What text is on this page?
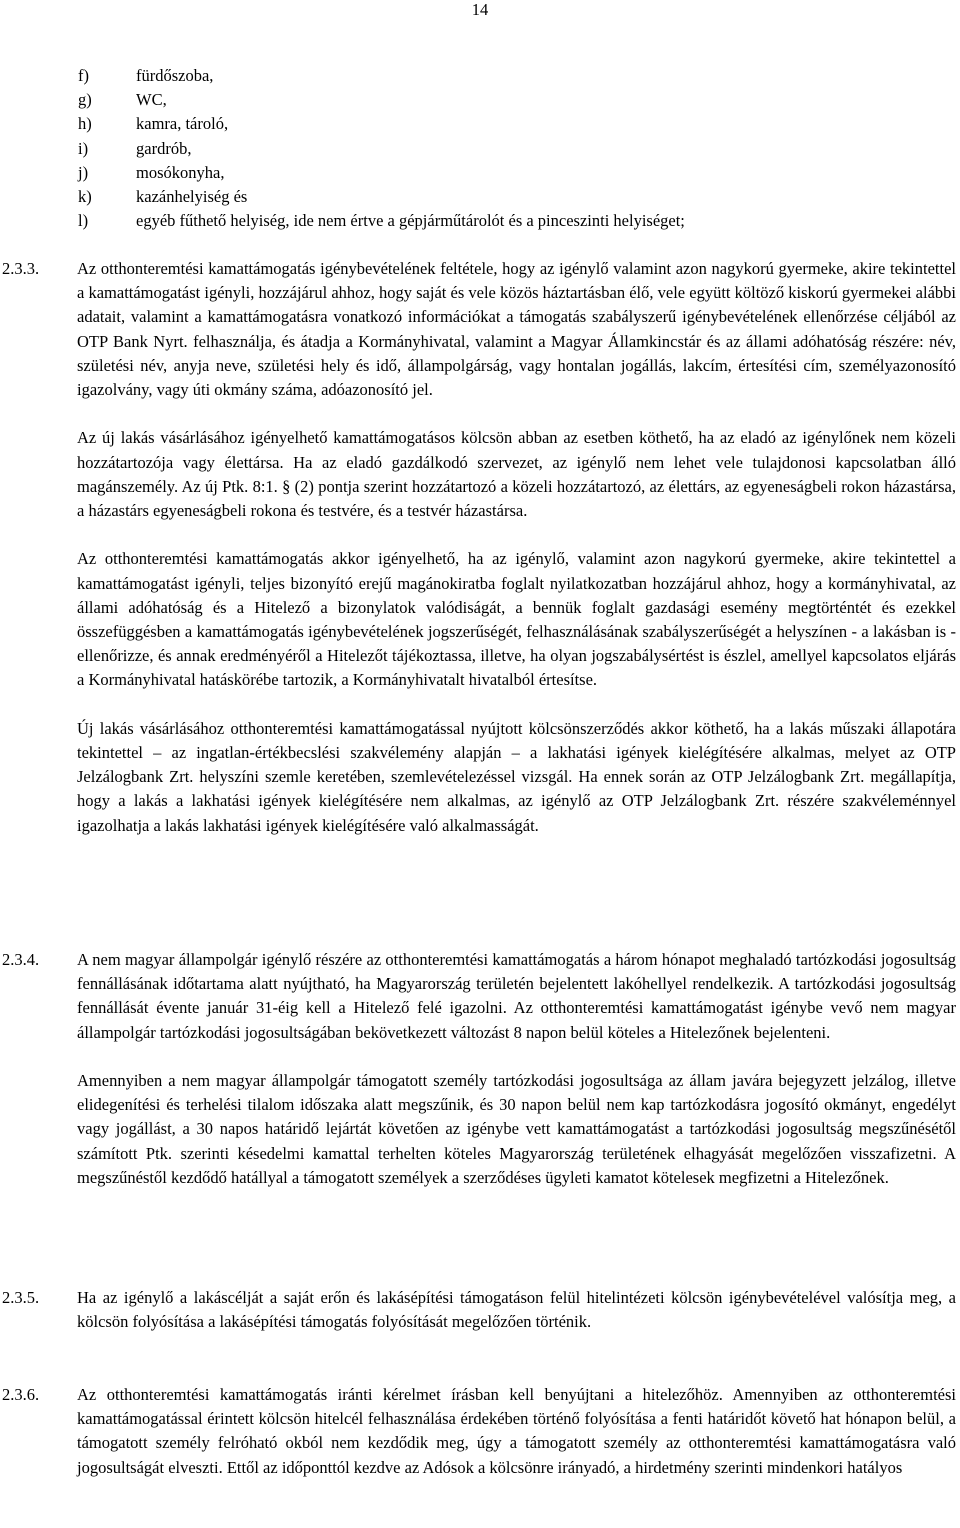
14
f)	fürdőszoba,
g)	WC,
h)	kamra, tároló,
i)	gardrób,
j)	mosókonyha,
k)	kazánhelyiség és
l)	egyéb fűthető helyiség, ide nem értve a gépjárműtárolót és a pinceszinti helyiséget;
2.3.3. Az otthonteremtési kamattámogatás igénybevételének feltétele, hogy az igénylő valamint azon nagykorú gyermeke, akire tekintettel a kamattámogatást igényli, hozzájárul ahhoz, hogy saját és vele közös háztartásban élő, vele együtt költöző kiskorú gyermekei alábbi adatait, valamint a kamattámogatásra vonatkozó információkat a támogatás szabályszerű igénybevételének ellenőrzése céljából az OTP Bank Nyrt. felhasználja, és átadja a Kormányhivatal, valamint a Magyar Államkincstár és az állami adóhatóság részére: név, születési név, anyja neve, születési hely és idő, állampolgárság, vagy hontalan jogállás, lakcím, értesítési cím, személyazonosító igazolvány, vagy úti okmány száma, adóazonosító jel.

Az új lakás vásárlásához igényelhető kamattámogatásos kölcsön abban az esetben köthető, ha az eladó az igénylőnek nem közeli hozzátartozója vagy élettársa. Ha az eladó gazdálkodó szervezet, az igénylő nem lehet vele tulajdonosi kapcsolatban álló magánszemély. Az új Ptk. 8:1. § (2) pontja szerint hozzátartozó a közeli hozzátartozó, az élettárs, az egyeneságbeli rokon házastársa, a házastárs egyeneságbeli rokona és testvére, és a testvér házastársa.

Az otthonteremtési kamattámogatás akkor igényelhető, ha az igénylő, valamint azon nagykorú gyermeke, akire tekintettel a kamattámogatást igényli, teljes bizonyító erejű magánokiratba foglalt nyilatkozatban hozzájárul ahhoz, hogy a kormányhivatal, az állami adóhatóság és a Hitelező a bizonylatok valódiságát, a bennük foglalt gazdasági esemény megtörténtét és ezekkel összefüggésben a kamattámogatás igénybevételének jogszerűségét, felhasználásának szabályszerűségét a helyszínen - a lakásban is - ellenőrizze, és annak eredményéről a Hitelezőt tájékoztassa, illetve, ha olyan jogszabálysértést is észlel, amellyel kapcsolatos eljárás a Kormányhivatal hatáskörébe tartozik, a Kormányhivatalt hivatalból értesítse.

Új lakás vásárlásához otthonteremtési kamattámogatással nyújtott kölcsönszerződés akkor köthető, ha a lakás műszaki állapotára tekintettel – az ingatlan-értékbecslési szakvélemény alapján – a lakhatási igények kielégítésére alkalmas, melyet az OTP Jelzálogbank Zrt. helyszíni szemle keretében, szemlevételezéssel vizsgál. Ha ennek során az OTP Jelzálogbank Zrt. megállapítja, hogy a lakás a lakhatási igények kielégítésére nem alkalmas, az igénylő az OTP Jelzálogbank Zrt. részére szakvéleménnyel igazolhatja a lakás lakhatási igények kielégítésére való alkalmasságát.

2.3.4. A nem magyar állampolgár igénylő részére az otthonteremtési kamattámogatás a három hónapot meghaladó tartózkodási jogosultság fennállásának időtartama alatt nyújtható, ha Magyarország területén bejelentett lakóhellyel rendelkezik. A tartózkodási jogosultság fennállását évente január 31-éig kell a Hitelező felé igazolni. Az otthonteremtési kamattámogatást igénybe vevő nem magyar állampolgár tartózkodási jogosultságában bekövetkezett változást 8 napon belül köteles a Hitelezőnek bejelenteni.

Amennyiben a nem magyar állampolgár támogatott személy tartózkodási jogosultsága az állam javára bejegyzett jelzálog, illetve elidegenítési és terhelési tilalom időszaka alatt megszűnik, és 30 napon belül nem kap tartózkodásra jogosító okmányt, engedélyt vagy jogállást, a 30 napos határidő lejártát követően az igénybe vett kamattámogatást a tartózkodási jogosultság megszűnésétől számított Ptk. szerinti késedelmi kamattal terhelten köteles Magyarország területének elhagyását megelőzően visszafizetni. A megszűnéstől kezdődő hatállyal a támogatott személyek a szerződéses ügyleti kamatot kötelesek megfizetni a Hitelezőnek.

2.3.5. Ha az igénylő a lakáscélját a saját erőn és lakásépítési támogatáson felül hitelintézeti kölcsön igénybevételével valósítja meg, a kölcsön folyósítása a lakásépítési támogatás folyósítását megelőzően történik.

2.3.6. Az otthonteremtési kamattámogatás iránti kérelmet írásban kell benyújtani a hitelezőhöz. Amennyiben az otthonteremtési kamattámogatással érintett kölcsön hitelcél felhasználása érdekében történő folyósítása a fenti határidőt követő hat hónapon belül, a támogatott személy felróható okból nem kezdődik meg, úgy a támogatott személy az otthonteremtési kamattámogatásra való jogosultságát elveszti. Ettől az időponttól kezdve az Adósok a kölcsönre irányadó, a hirdetmény szerinti mindenkori hatályos
